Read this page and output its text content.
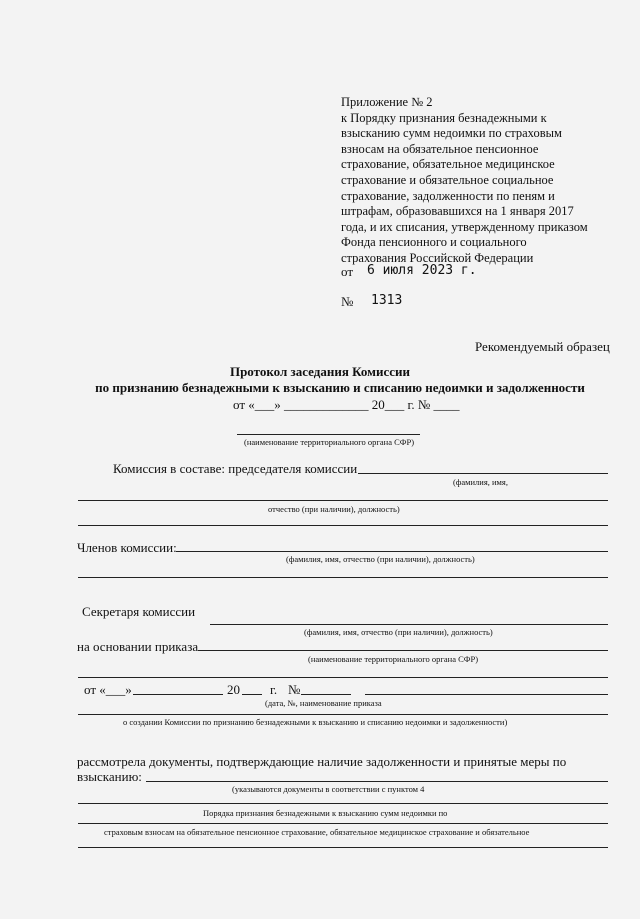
Приложение № 2
к Порядку признания безнадежными к
взысканию сумм недоимки по страховым
взносам на обязательное пенсионное
страхование, обязательное медицинское
страхование и обязательное социальное
страхование, задолженности по пеням и
штрафам, образовавшихся на 1 января 2017
года, и их списания, утвержденному приказом
Фонда пенсионного и социального
страхования Российской Федерации
от 6 июля 2023 г.
№ 1313
Рекомендуемый образец
Протокол заседания Комиссии
по признанию безнадежными к взысканию и списанию недоимки и задолженности
от «___» _____________ 20___ г. № ____
(наименование территориального органа СФР)
Комиссия в составе: председателя комиссии
(фамилия, имя,
отчество (при наличии), должность)
Членов комиссии:
(фамилия, имя, отчество (при наличии), должность)
Секретаря комиссии
(фамилия, имя, отчество (при наличии), должность)
на основании приказа
(наименование территориального органа СФР)
от «___»	20 г. №
(дата, №, наименование приказа
о создании Комиссии по признанию безнадежными к взысканию и списанию недоимки и задолженности)
рассмотрела документы, подтверждающие наличие задолженности и принятые меры по
взысканию:
(указываются документы в соответствии с пунктом 4
Порядка признания безнадежными к взысканию сумм недоимки по
страховым взносам на обязательное пенсионное страхование, обязательное медицинское страхование и обязательное
